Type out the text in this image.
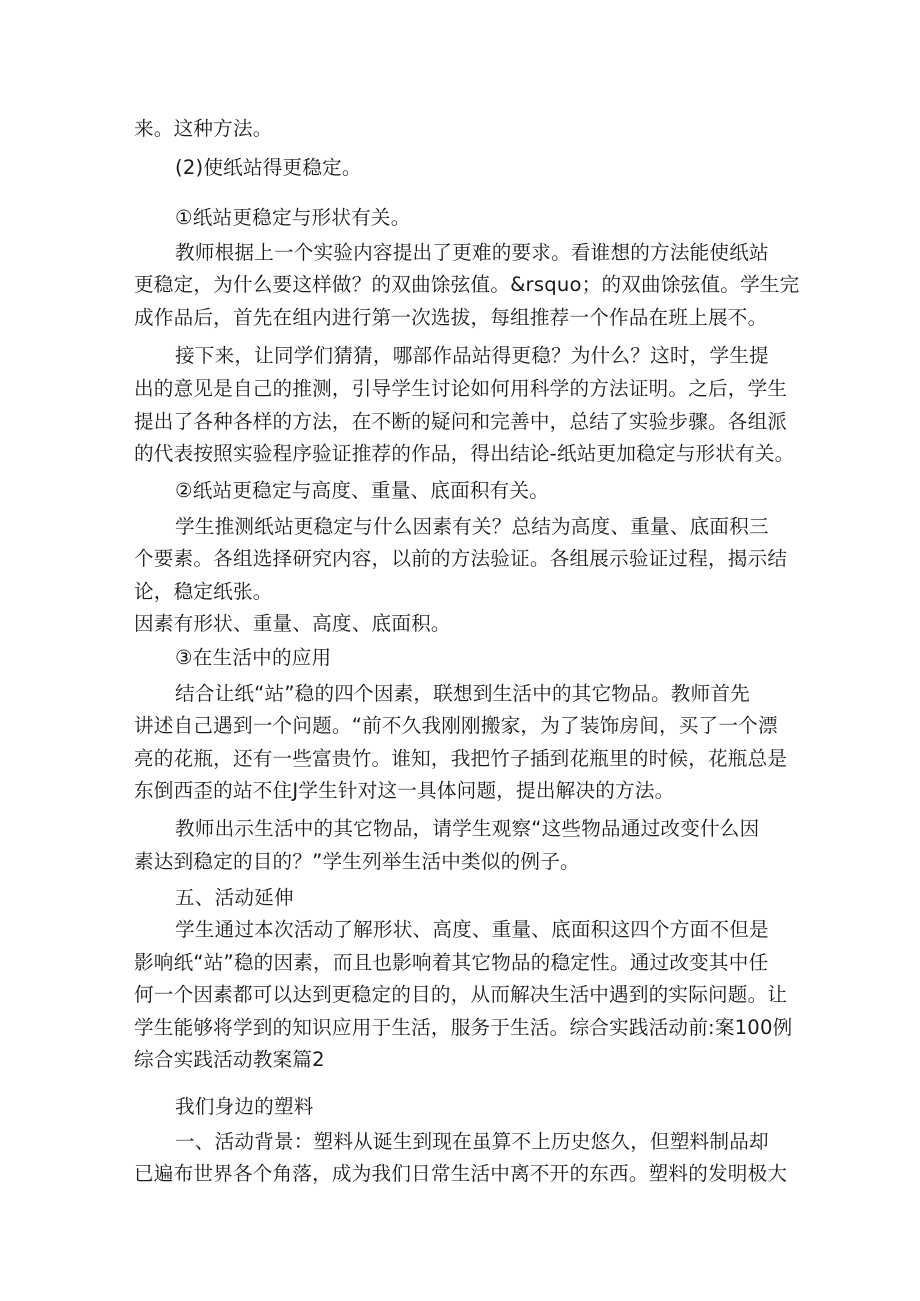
来。这种方法。
(2)使纸站得更稳定。
①纸站更稳定与形状有关。
教师根据上一个实验内容提出了更难的要求。看谁想的方法能使纸站
更稳定，为什么要这样做？的双曲馀弦值。&rsquo；的双曲馀弦值。学生完
成作品后，首先在组内进行第一次选拔，每组推荐一个作品在班上展不。
接下来，让同学们猜猜，哪部作品站得更稳？为什么？这时，学生提
出的意见是自己的推测，引导学生讨论如何用科学的方法证明。之后，学生
提出了各种各样的方法，在不断的疑问和完善中，总结了实验步骤。各组派
的代表按照实验程序验证推荐的作品，得出结论-纸站更加稳定与形状有关。
②纸站更稳定与高度、重量、底面积有关。
学生推测纸站更稳定与什么因素有关？总结为高度、重量、底面积三
个要素。各组选择研究内容，以前的方法验证。各组展示验证过程，揭示结
论，稳定纸张。
因素有形状、重量、高度、底面积。
③在生活中的应用
结合让纸“站”稳的四个因素，联想到生活中的其它物品。教师首先
讲述自己遇到一个问题。“前不久我刚刚搬家，为了装饰房间，买了一个漂
亮的花瓶，还有一些富贵竹。谁知，我把竹子插到花瓶里的时候，花瓶总是
东倒西歪的站不住J学生针对这一具体问题，提出解决的方法。
教师出示生活中的其它物品，请学生观察“这些物品通过改变什么因
素达到稳定的目的？”学生列举生活中类似的例子。
五、活动延伸
学生通过本次活动了解形状、高度、重量、底面积这四个方面不但是
影响纸“站”稳的因素，而且也影响着其它物品的稳定性。通过改变其中任
何一个因素都可以达到更稳定的目的，从而解决生活中遇到的实际问题。让
学生能够将学到的知识应用于生活，服务于生活。综合实践活动前:案100例
综合实践活动教案篇2
我们身边的塑料
一、活动背景：塑料从诞生到现在虽算不上历史悠久，但塑料制品却
已遍布世界各个角落，成为我们日常生活中离不开的东西。塑料的发明极大
